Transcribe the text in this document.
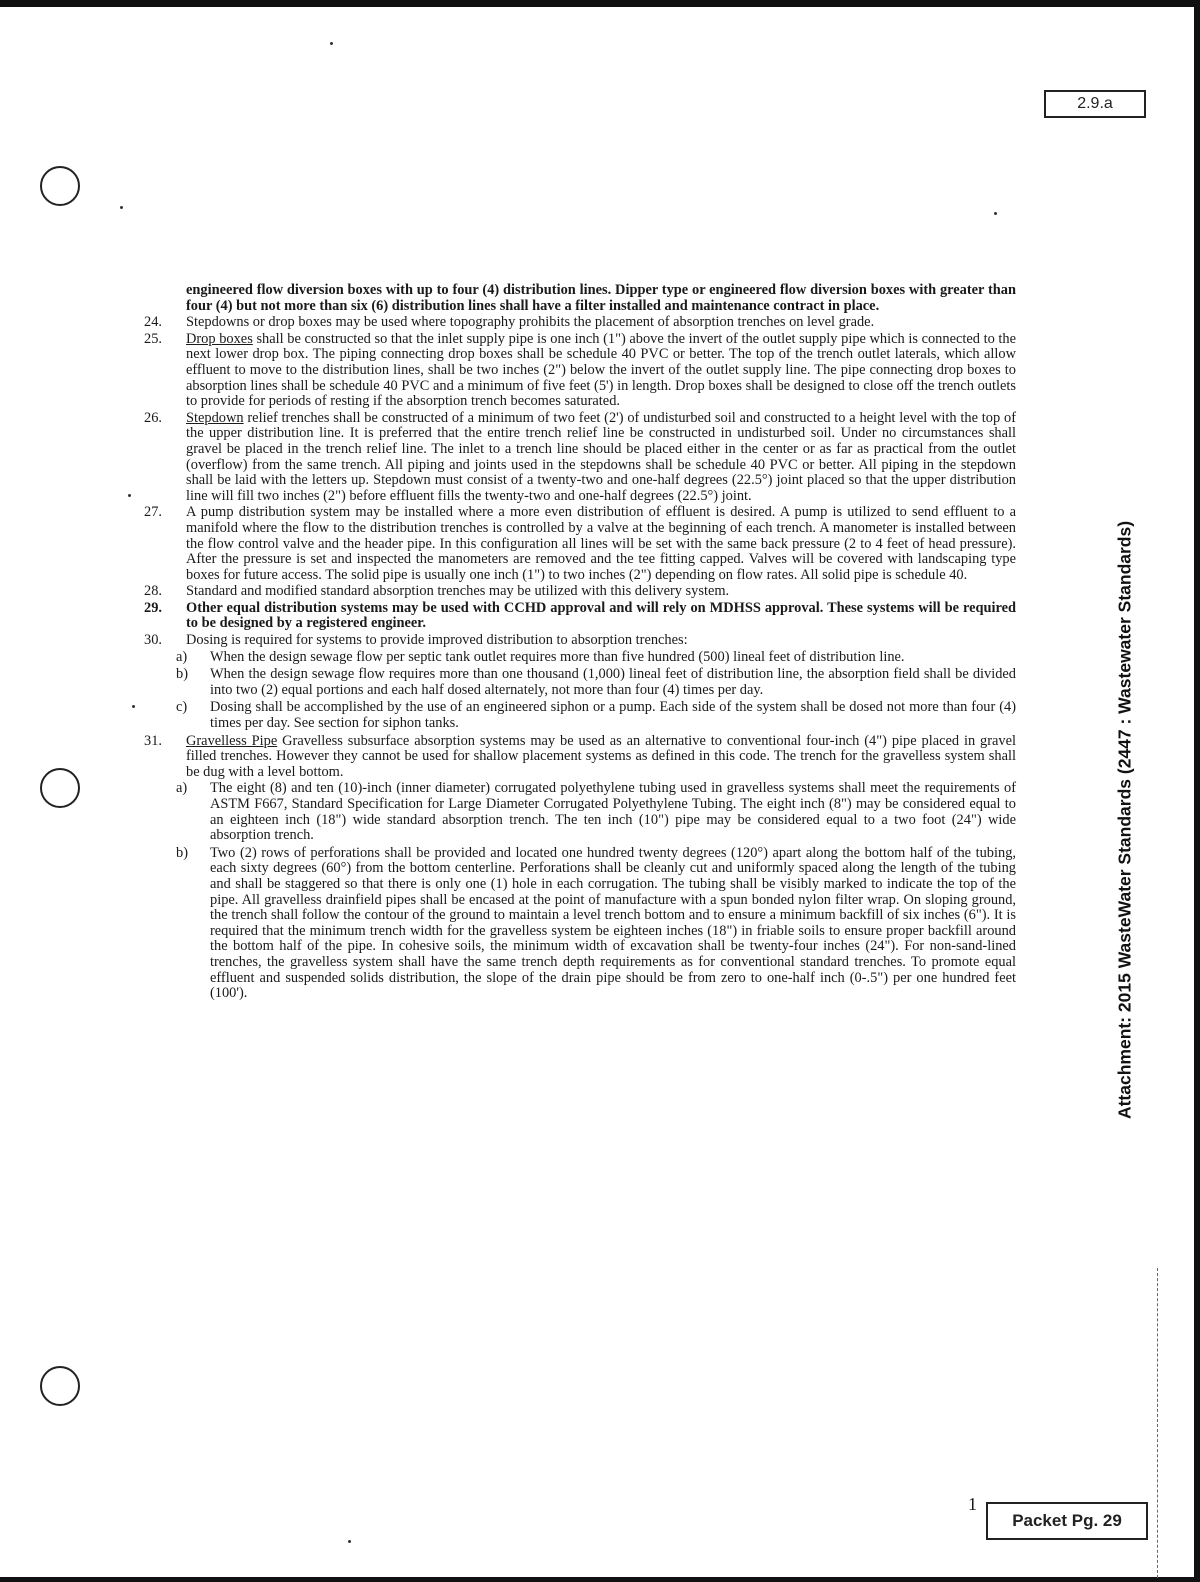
2.9.a
Attachment: 2015 WasteWater Standards (2447 : Wastewater Standards)

engineered flow diversion boxes with up to four (4) distribution lines. Dipper type or engineered flow diversion boxes with greater than four (4) but not more than six (6) distribution lines shall have a filter installed and maintenance contract in place.

24. Stepdowns or drop boxes may be used where topography prohibits the placement of absorption trenches on level grade.
25. Drop boxes shall be constructed so that the inlet supply pipe is one inch (1") above the invert of the outlet supply pipe which is connected to the next lower drop box. The piping connecting drop boxes shall be schedule 40 PVC or better. The top of the trench outlet laterals, which allow effluent to move to the distribution lines, shall be two inches (2") below the invert of the outlet supply line. The pipe connecting drop boxes to absorption lines shall be schedule 40 PVC and a minimum of five feet (5') in length. Drop boxes shall be designed to close off the trench outlets to provide for periods of resting if the absorption trench becomes saturated.
26. Stepdown relief trenches shall be constructed of a minimum of two feet (2') of undisturbed soil and constructed to a height level with the top of the upper distribution line. It is preferred that the entire trench relief line be constructed in undisturbed soil. Under no circumstances shall gravel be placed in the trench relief line. The inlet to a trench line should be placed either in the center or as far as practical from the outlet (overflow) from the same trench. All piping and joints used in the stepdowns shall be schedule 40 PVC or better. All piping in the stepdown shall be laid with the letters up. Stepdown must consist of a twenty-two and one-half degrees (22.5°) joint placed so that the upper distribution line will fill two inches (2") before effluent fills the twenty-two and one-half degrees (22.5°) joint.
27. A pump distribution system may be installed where a more even distribution of effluent is desired. A pump is utilized to send effluent to a manifold where the flow to the distribution trenches is controlled by a valve at the beginning of each trench. A manometer is installed between the flow control valve and the header pipe. In this configuration all lines will be set with the same back pressure (2 to 4 feet of head pressure). After the pressure is set and inspected the manometers are removed and the tee fitting capped. Valves will be covered with landscaping type boxes for future access. The solid pipe is usually one inch (1") to two inches (2") depending on flow rates. All solid pipe is schedule 40.
28. Standard and modified standard absorption trenches may be utilized with this delivery system.
29. Other equal distribution systems may be used with CCHD approval and will rely on MDHSS approval. These systems will be required to be designed by a registered engineer.
30. Dosing is required for systems to provide improved distribution to absorption trenches:
a) When the design sewage flow per septic tank outlet requires more than five hundred (500) lineal feet of distribution line.
b) When the design sewage flow requires more than one thousand (1,000) lineal feet of distribution line, the absorption field shall be divided into two (2) equal portions and each half dosed alternately, not more than four (4) times per day.
c) Dosing shall be accomplished by the use of an engineered siphon or a pump. Each side of the system shall be dosed not more than four (4) times per day. See section for siphon tanks.
31. Gravelless Pipe Gravelless subsurface absorption systems may be used as an alternative to conventional four-inch (4") pipe placed in gravel filled trenches. However they cannot be used for shallow placement systems as defined in this code. The trench for the gravelless system shall be dug with a level bottom.
a) The eight (8) and ten (10)-inch (inner diameter) corrugated polyethylene tubing used in gravelless systems shall meet the requirements of ASTM F667, Standard Specification for Large Diameter Corrugated Polyethylene Tubing. The eight inch (8") may be considered equal to an eighteen inch (18") wide standard absorption trench. The ten inch (10") pipe may be considered equal to a two foot (24") wide absorption trench.
b) Two (2) rows of perforations shall be provided and located one hundred twenty degrees (120°) apart along the bottom half of the tubing, each sixty degrees (60°) from the bottom centerline. Perforations shall be cleanly cut and uniformly spaced along the length of the tubing and shall be staggered so that there is only one (1) hole in each corrugation. The tubing shall be visibly marked to indicate the top of the pipe. All gravelless drainfield pipes shall be encased at the point of manufacture with a spun bonded nylon filter wrap. On sloping ground, the trench shall follow the contour of the ground to maintain a level trench bottom and to ensure a minimum backfill of six inches (6"). It is required that the minimum trench width for the gravelless system be eighteen inches (18") in friable soils to ensure proper backfill around the bottom half of the pipe. In cohesive soils, the minimum width of excavation shall be twenty-four inches (24"). For non-sand-lined trenches, the gravelless system shall have the same trench depth requirements as for conventional standard trenches. To promote equal effluent and suspended solids distribution, the slope of the drain pipe should be from zero to one-half inch (0-.5") per one hundred feet (100').
1
Packet Pg. 29
